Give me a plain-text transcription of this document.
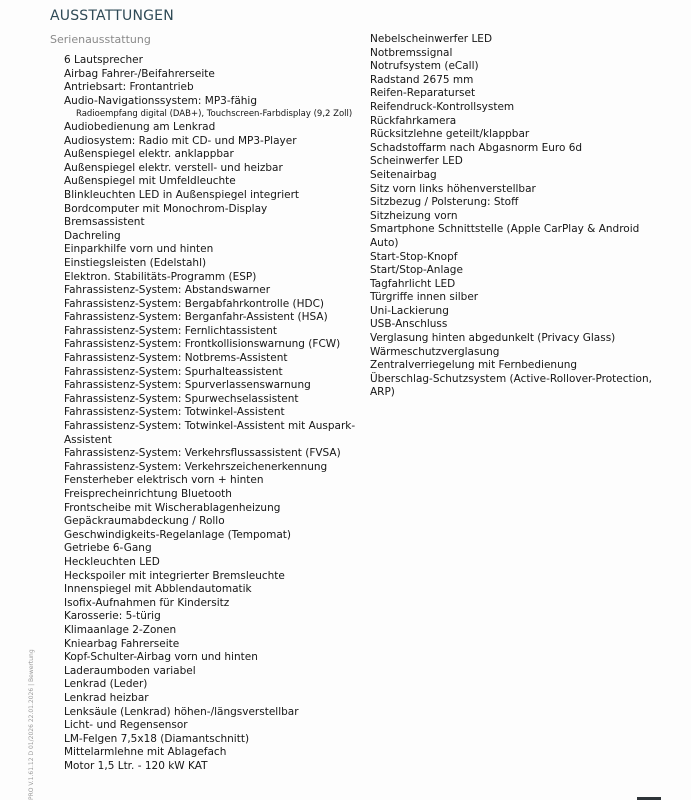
AUSSTATTUNGEN
Serienausstattung
6 Lautsprecher
Airbag Fahrer-/Beifahrerseite
Antriebsart: Frontantrieb
Audio-Navigationssystem: MP3-fähig
Radioempfang digital (DAB+), Touchscreen-Farbdisplay (9,2 Zoll)
Audiobedienung am Lenkrad
Audiosystem: Radio mit CD- und MP3-Player
Außenspiegel elektr. anklappbar
Außenspiegel elektr. verstell- und heizbar
Außenspiegel mit Umfeldleuchte
Blinkleuchten LED in Außenspiegel integriert
Bordcomputer mit Monochrom-Display
Bremsassistent
Dachreling
Einparkhilfe vorn und hinten
Einstiegsleisten (Edelstahl)
Elektron. Stabilitäts-Programm (ESP)
Fahrassistenz-System: Abstandswarner
Fahrassistenz-System: Bergabfahrkontrolle (HDC)
Fahrassistenz-System: Berganfahr-Assistent (HSA)
Fahrassistenz-System: Fernlichtassistent
Fahrassistenz-System: Frontkollisionswarnung (FCW)
Fahrassistenz-System: Notbrems-Assistent
Fahrassistenz-System: Spurhalteassistent
Fahrassistenz-System: Spurverlassenswarnung
Fahrassistenz-System: Spurwechselassistent
Fahrassistenz-System: Totwinkel-Assistent
Fahrassistenz-System: Totwinkel-Assistent mit Auspark-Assistent
Fahrassistenz-System: Verkehrsflussassistent (FVSA)
Fahrassistenz-System: Verkehrszeichenerkennung
Fensterheber elektrisch vorn + hinten
Freisprecheinrichtung Bluetooth
Frontscheibe mit Wischerablagenheizung
Gepäckraumabdeckung / Rollo
Geschwindigkeits-Regelanlage (Tempomat)
Getriebe 6-Gang
Heckleuchten LED
Heckspoiler mit integrierter Bremsleuchte
Innenspiegel mit Abblendautomatik
Isofix-Aufnahmen für Kindersitz
Karosserie: 5-türig
Klimaanlage 2-Zonen
Kniearbag Fahrerseite
Kopf-Schulter-Airbag vorn und hinten
Laderaumboden variabel
Lenkrad (Leder)
Lenkrad heizbar
Lenksäule (Lenkrad) höhen-/längsverstellbar
Licht- und Regensensor
LM-Felgen 7,5x18 (Diamantschnitt)
Mittelarmlehne mit Ablagefach
Motor 1,5 Ltr. - 120 kW KAT
Nebelscheinwerfer LED
Notbremssignal
Notrufsystem (eCall)
Radstand 2675 mm
Reifen-Reparaturset
Reifendruck-Kontrollsystem
Rückfahrkamera
Rücksitzlehne geteilt/klappbar
Schadstoffarm nach Abgasnorm Euro 6d
Scheinwerfer LED
Seitenairbag
Sitz vorn links höhenverstellbar
Sitzbezug / Polsterung: Stoff
Sitzheizung vorn
Smartphone Schnittstelle (Apple CarPlay & Android Auto)
Start-Stop-Knopf
Start/Stop-Anlage
Tagfahrlicht LED
Türgriffe innen silber
Uni-Lackierung
USB-Anschluss
Verglasung hinten abgedunkelt (Privacy Glass)
Wärmeschutzverglasung
Zentralverriegelung mit Fernbedienung
Überschlag-Schutzsystem (Active-Rollover-Protection, ARP)
PRO V.1.61.12 D 01/2026 22.01.2026 | Bewertung
